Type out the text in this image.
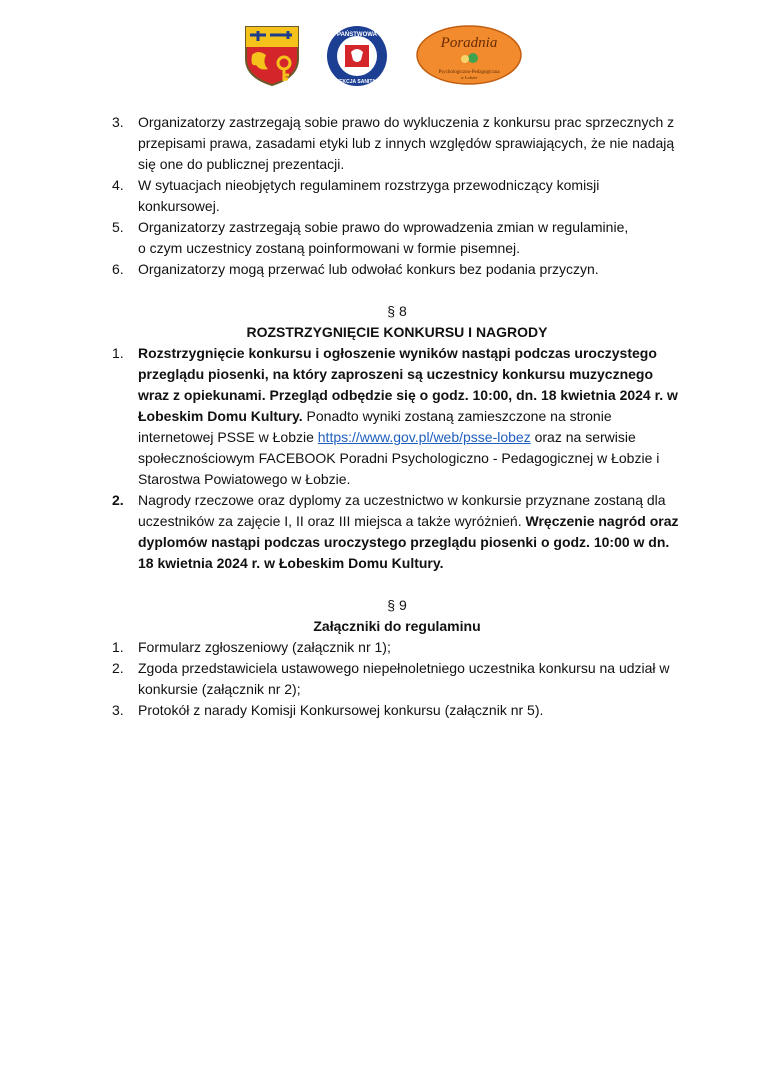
PAŃSTWOWA
INSPEKCJA SANITARNA
Poradnia
Psychologiczno-Pedagogiczna
w Łobzie
3. Organizatorzy zastrzegają sobie prawo do wykluczenia z konkursu prac sprzecznych z przepisami prawa, zasadami etyki lub z innych względów sprawiających, że nie nadają się one do publicznej prezentacji.
4. W sytuacjach nieobjętych regulaminem rozstrzyga przewodniczący komisji konkursowej.
5. Organizatorzy zastrzegają sobie prawo do wprowadzenia zmian w regulaminie,
o czym uczestnicy zostaną poinformowani w formie pisemnej.
6. Organizatorzy mogą przerwać lub odwołać konkurs bez podania przyczyn.
§ 8
ROZSTRZYGNIĘCIE KONKURSU I NAGRODY
1. Rozstrzygnięcie konkursu i ogłoszenie wyników nastąpi podczas uroczystego przeglądu piosenki, na który zaproszeni są uczestnicy konkursu muzycznego wraz z opiekunami. Przegląd odbędzie się o godz. 10:00, dn. 18 kwietnia 2024 r. w Łobeskim Domu Kultury. Ponadto wyniki zostaną zamieszczone na stronie internetowej PSSE w Łobzie https://www.gov.pl/web/psse-lobez oraz na serwisie społecznościowym FACEBOOK Poradni Psychologiczno - Pedagogicznej w Łobzie i Starostwa Powiatowego w Łobzie.
2. Nagrody rzeczowe oraz dyplomy za uczestnictwo w konkursie przyznane zostaną dla uczestników za zajęcie I, II oraz III miejsca a także wyróżnień. Wręczenie nagród oraz dyplomów nastąpi podczas uroczystego przeglądu piosenki o godz. 10:00 w dn. 18 kwietnia 2024 r. w Łobeskim Domu Kultury.
§ 9
Załączniki do regulaminu
1. Formularz zgłoszeniowy (załącznik nr 1);
2. Zgoda przedstawiciela ustawowego niepełnoletniego uczestnika konkursu na udział w konkursie (załącznik nr 2);
3. Protokół z narady Komisji Konkursowej konkursu (załącznik nr 5).
